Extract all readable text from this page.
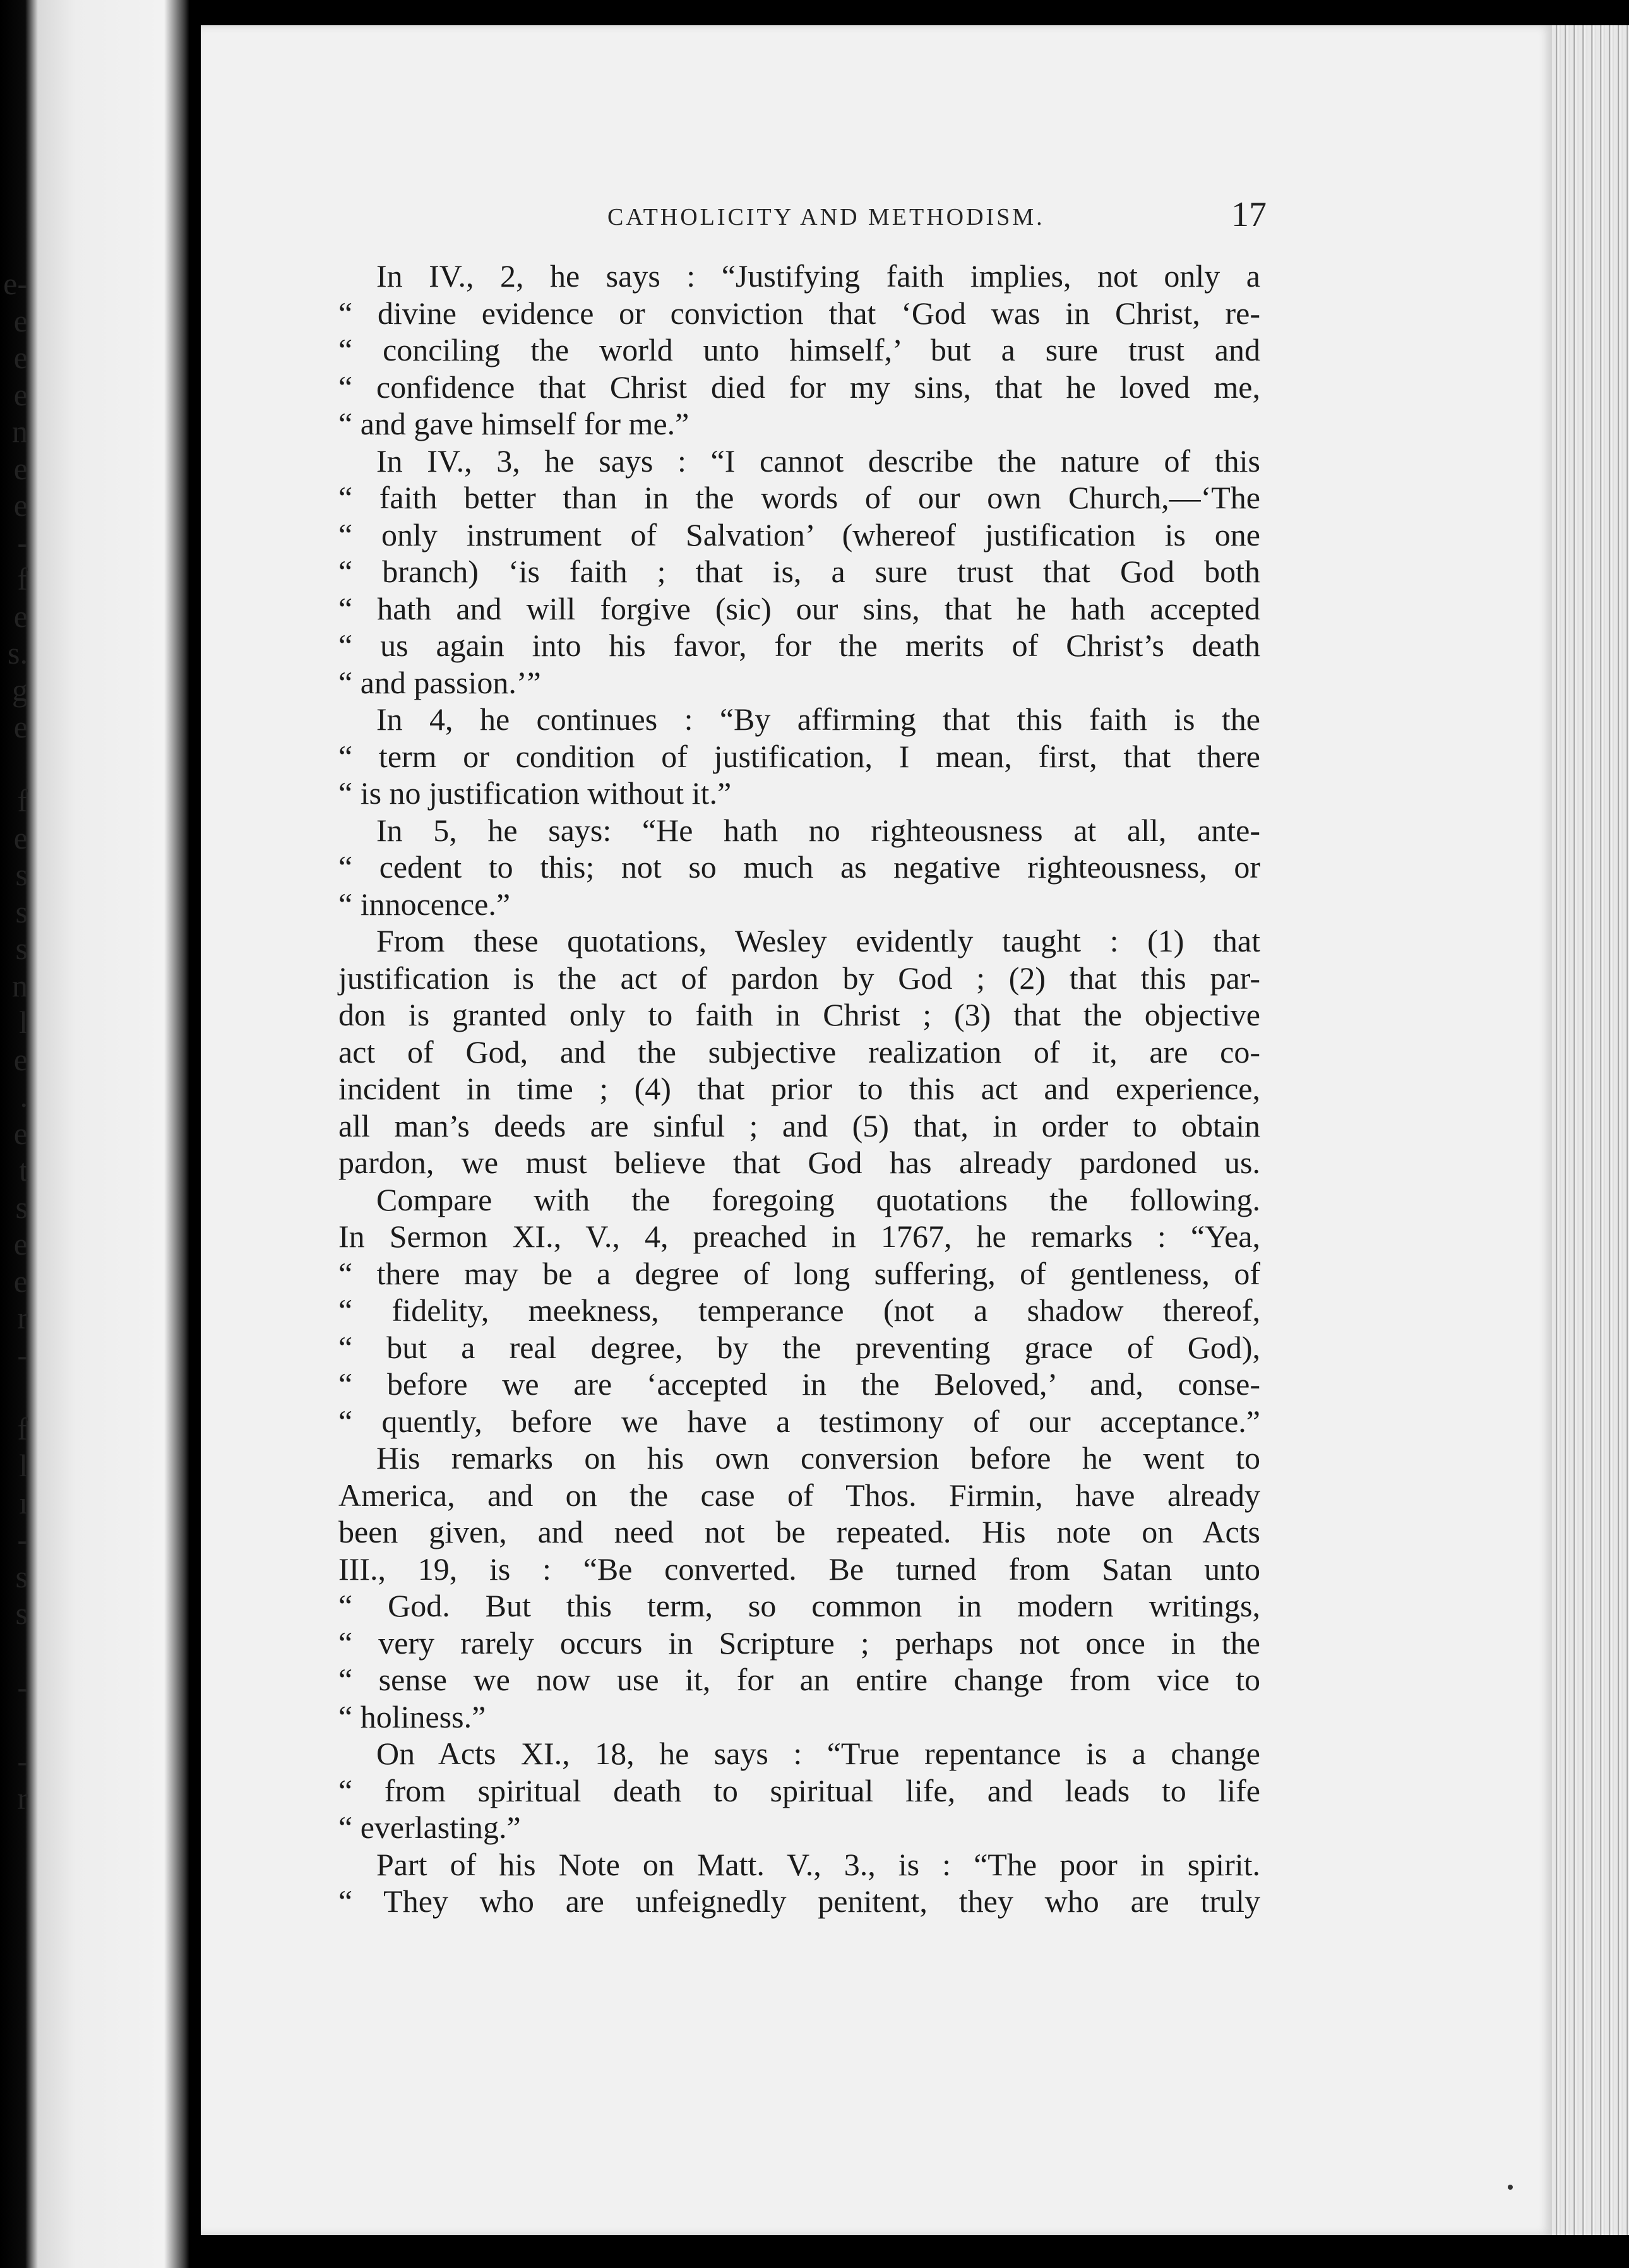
e-
e
e
e
n
e
e
-
f
e
s.
g
e

f
e
s
s
s
n
l
e
.
e
t
s
e
e
r
-

f
l
ı
-
s
s

-

-
r
CATHOLICITY AND METHODISM.	17
In IV., 2, he says : “Justifying faith implies, not only a
“ divine evidence or conviction that ‘God was in Christ, re-
“ conciling the world unto himself,’ but a sure trust and
“ confidence that Christ died for my sins, that he loved me,
“ and gave himself for me.”
In IV., 3, he says : “I cannot describe the nature of this
“ faith better than in the words of our own Church,—‘The
“ only instrument of Salvation’ (whereof justification is one
“ branch) ‘is faith ; that is, a sure trust that God both
“ hath and will forgive (sic) our sins, that he hath accepted
“ us again into his favor, for the merits of Christ’s death
“ and passion.’”
In 4, he continues : “By affirming that this faith is the
“ term or condition of justification, I mean, first, that there
“ is no justification without it.”
In 5, he says: “He hath no righteousness at all, ante-
“ cedent to this; not so much as negative righteousness, or
“ innocence.”
From these quotations, Wesley evidently taught : (1) that
justification is the act of pardon by God ; (2) that this par-
don is granted only to faith in Christ ; (3) that the objective
act of God, and the subjective realization of it, are co-
incident in time ; (4) that prior to this act and experience,
all man’s deeds are sinful ; and (5) that, in order to obtain
pardon, we must believe that God has already pardoned us.
Compare with the foregoing quotations the following.
In Sermon XI., V., 4, preached in 1767, he remarks : “Yea,
“ there may be a degree of long suffering, of gentleness, of
“ fidelity, meekness, temperance (not a shadow thereof,
“ but a real degree, by the preventing grace of God),
“ before we are ‘accepted in the Beloved,’ and, conse-
“ quently, before we have a testimony of our acceptance.”
His remarks on his own conversion before he went to
America, and on the case of Thos. Firmin, have already
been given, and need not be repeated. His note on Acts
III., 19, is : “Be converted. Be turned from Satan unto
“ God. But this term, so common in modern writings,
“ very rarely occurs in Scripture ; perhaps not once in the
“ sense we now use it, for an entire change from vice to
“ holiness.”
On Acts XI., 18, he says : “True repentance is a change
“ from spiritual death to spiritual life, and leads to life
“ everlasting.”
Part of his Note on Matt. V., 3., is : “The poor in spirit.
“ They who are unfeignedly penitent, they who are truly
